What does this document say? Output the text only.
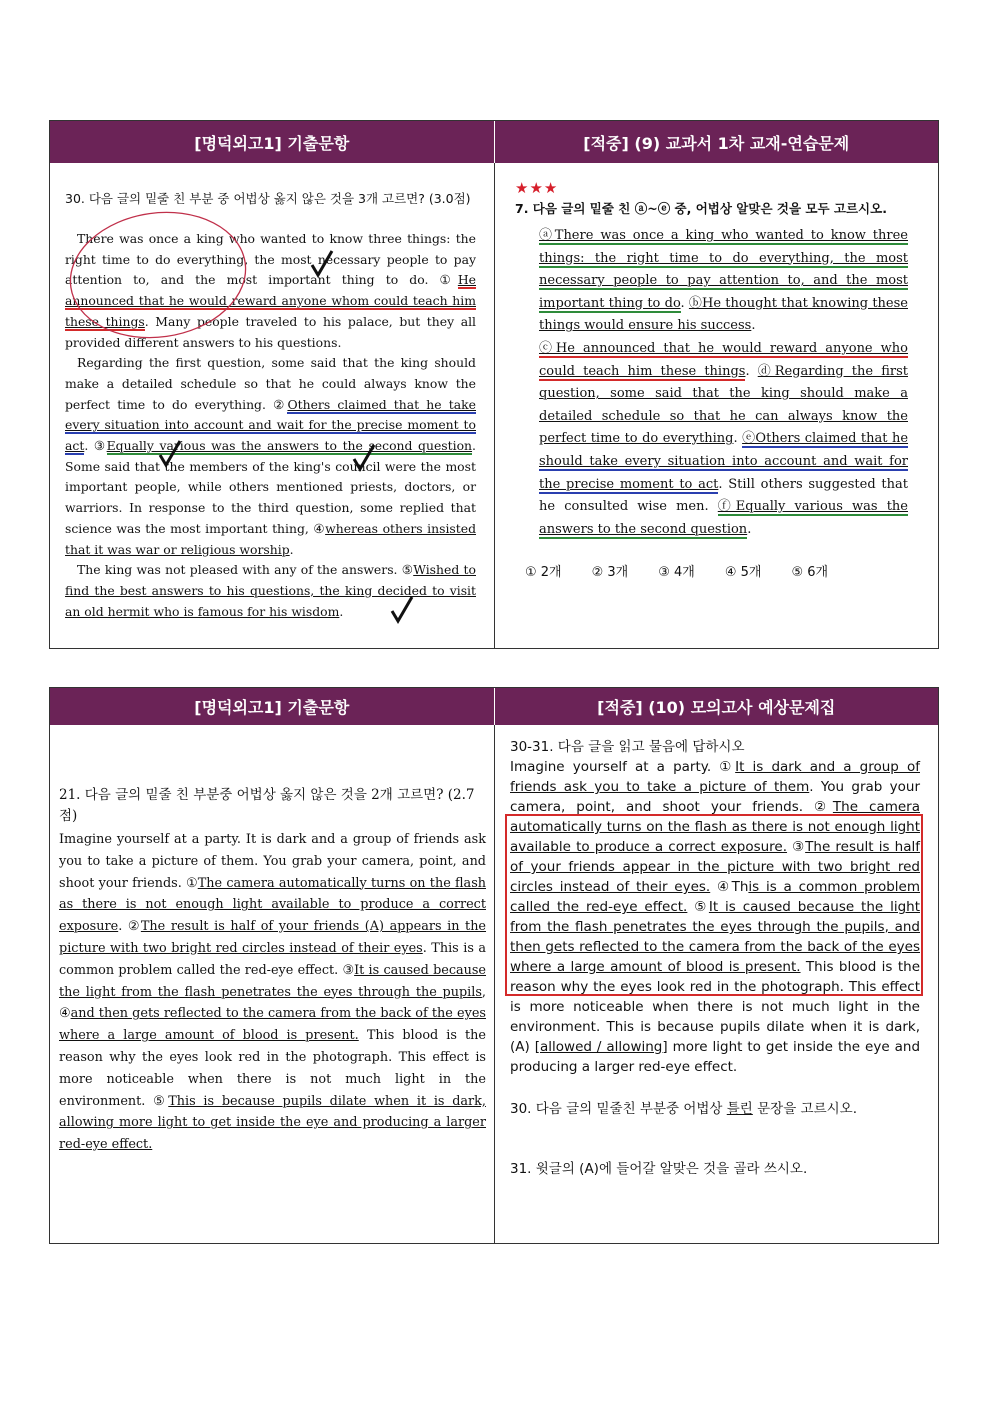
[명덕외고1] 기출문항	[적중] (9) 교과서 1차 교재-연습문제
30. 다음 글의 밑줄 친 부분 중 어법상 옳지 않은 것을 3개 고르면? (3.0점)
There was once a king who wanted to know three things: the right time to do everything, the most necessary people to pay attention to, and the most important thing to do. ①He announced that he would reward anyone whom could teach him these things. Many people traveled to his palace, but they all provided different answers to his questions.
Regarding the first question, some said that the king should make a detailed schedule so that he could always know the perfect time to do everything. ②Others claimed that he take every situation into account and wait for the precise moment to act. ③Equally various was the answers to the second question. Some said that the members of the king's council were the most important people, while others mentioned priests, doctors, or warriors. In response to the third question, some replied that science was the most important thing, ④whereas others insisted that it was war or religious worship.
The king was not pleased with any of the answers. ⑤Wished to find the best answers to his questions, the king decided to visit an old hermit who is famous for his wisdom.
★★★
7. 다음 글의 밑줄 친 ⓐ~ⓔ 중, 어법상 알맞은 것을 모두 고르시오.
ⓐThere was once a king who wanted to know three things: the right time to do everything, the most necessary people to pay attention to, and the most important thing to do. ⓑHe thought that knowing these things would ensure his success.
ⓒHe announced that he would reward anyone who could teach him these things. ⓓRegarding the first question, some said that the king should make a detailed schedule so that he can always know the perfect time to do everything. ⓔOthers claimed that he should take every situation into account and wait for the precise moment to act. Still others suggested that he consulted wise men. ⓕEqually various was the answers to the second question.
① 2개 ② 3개 ③ 4개 ④ 5개 ⑤ 6개
[명덕외고1] 기출문항	[적중] (10) 모의고사 예상문제집
21. 다음 글의 밑줄 친 부분중 어법상 옳지 않은 것을 2개 고르면? (2.7점)
Imagine yourself at a party. It is dark and a group of friends ask you to take a picture of them. You grab your camera, point, and shoot your friends. ①The camera automatically turns on the flash as there is not enough light available to produce a correct exposure. ②The result is half of your friends (A) appears in the picture with two bright red circles instead of their eyes. This is a common problem called the red-eye effect. ③It is caused because the light from the flash penetrates the eyes through the pupils, ④and then gets reflected to the camera from the back of the eyes where a large amount of blood is present. This blood is the reason why the eyes look red in the photograph. This effect is more noticeable when there is not much light in the environment. ⑤This is because pupils dilate when it is dark, allowing more light to get inside the eye and producing a larger red-eye effect.
30-31. 다음 글을 읽고 물음에 답하시오
Imagine yourself at a party. ①It is dark and a group of friends ask you to take a picture of them. You grab your camera, point, and shoot your friends. ②The camera automatically turns on the flash as there is not enough light available to produce a correct exposure. ③The result is half of your friends appear in the picture with two bright red circles instead of their eyes. ④This is a common problem called the red-eye effect. ⑤It is caused because the light from the flash penetrates the eyes through the pupils, and then gets reflected to the camera from the back of the eyes where a large amount of blood is present. This blood is the reason why the eyes look red in the photograph. This effect is more noticeable when there is not much light in the environment. This is because pupils dilate when it is dark, (A) [allowed / allowing] more light to get inside the eye and producing a larger red-eye effect.
30. 다음 글의 밑줄친 부분중 어법상 틀린 문장을 고르시오.
31. 윗글의 (A)에 들어갈 알맞은 것을 골라 쓰시오.
